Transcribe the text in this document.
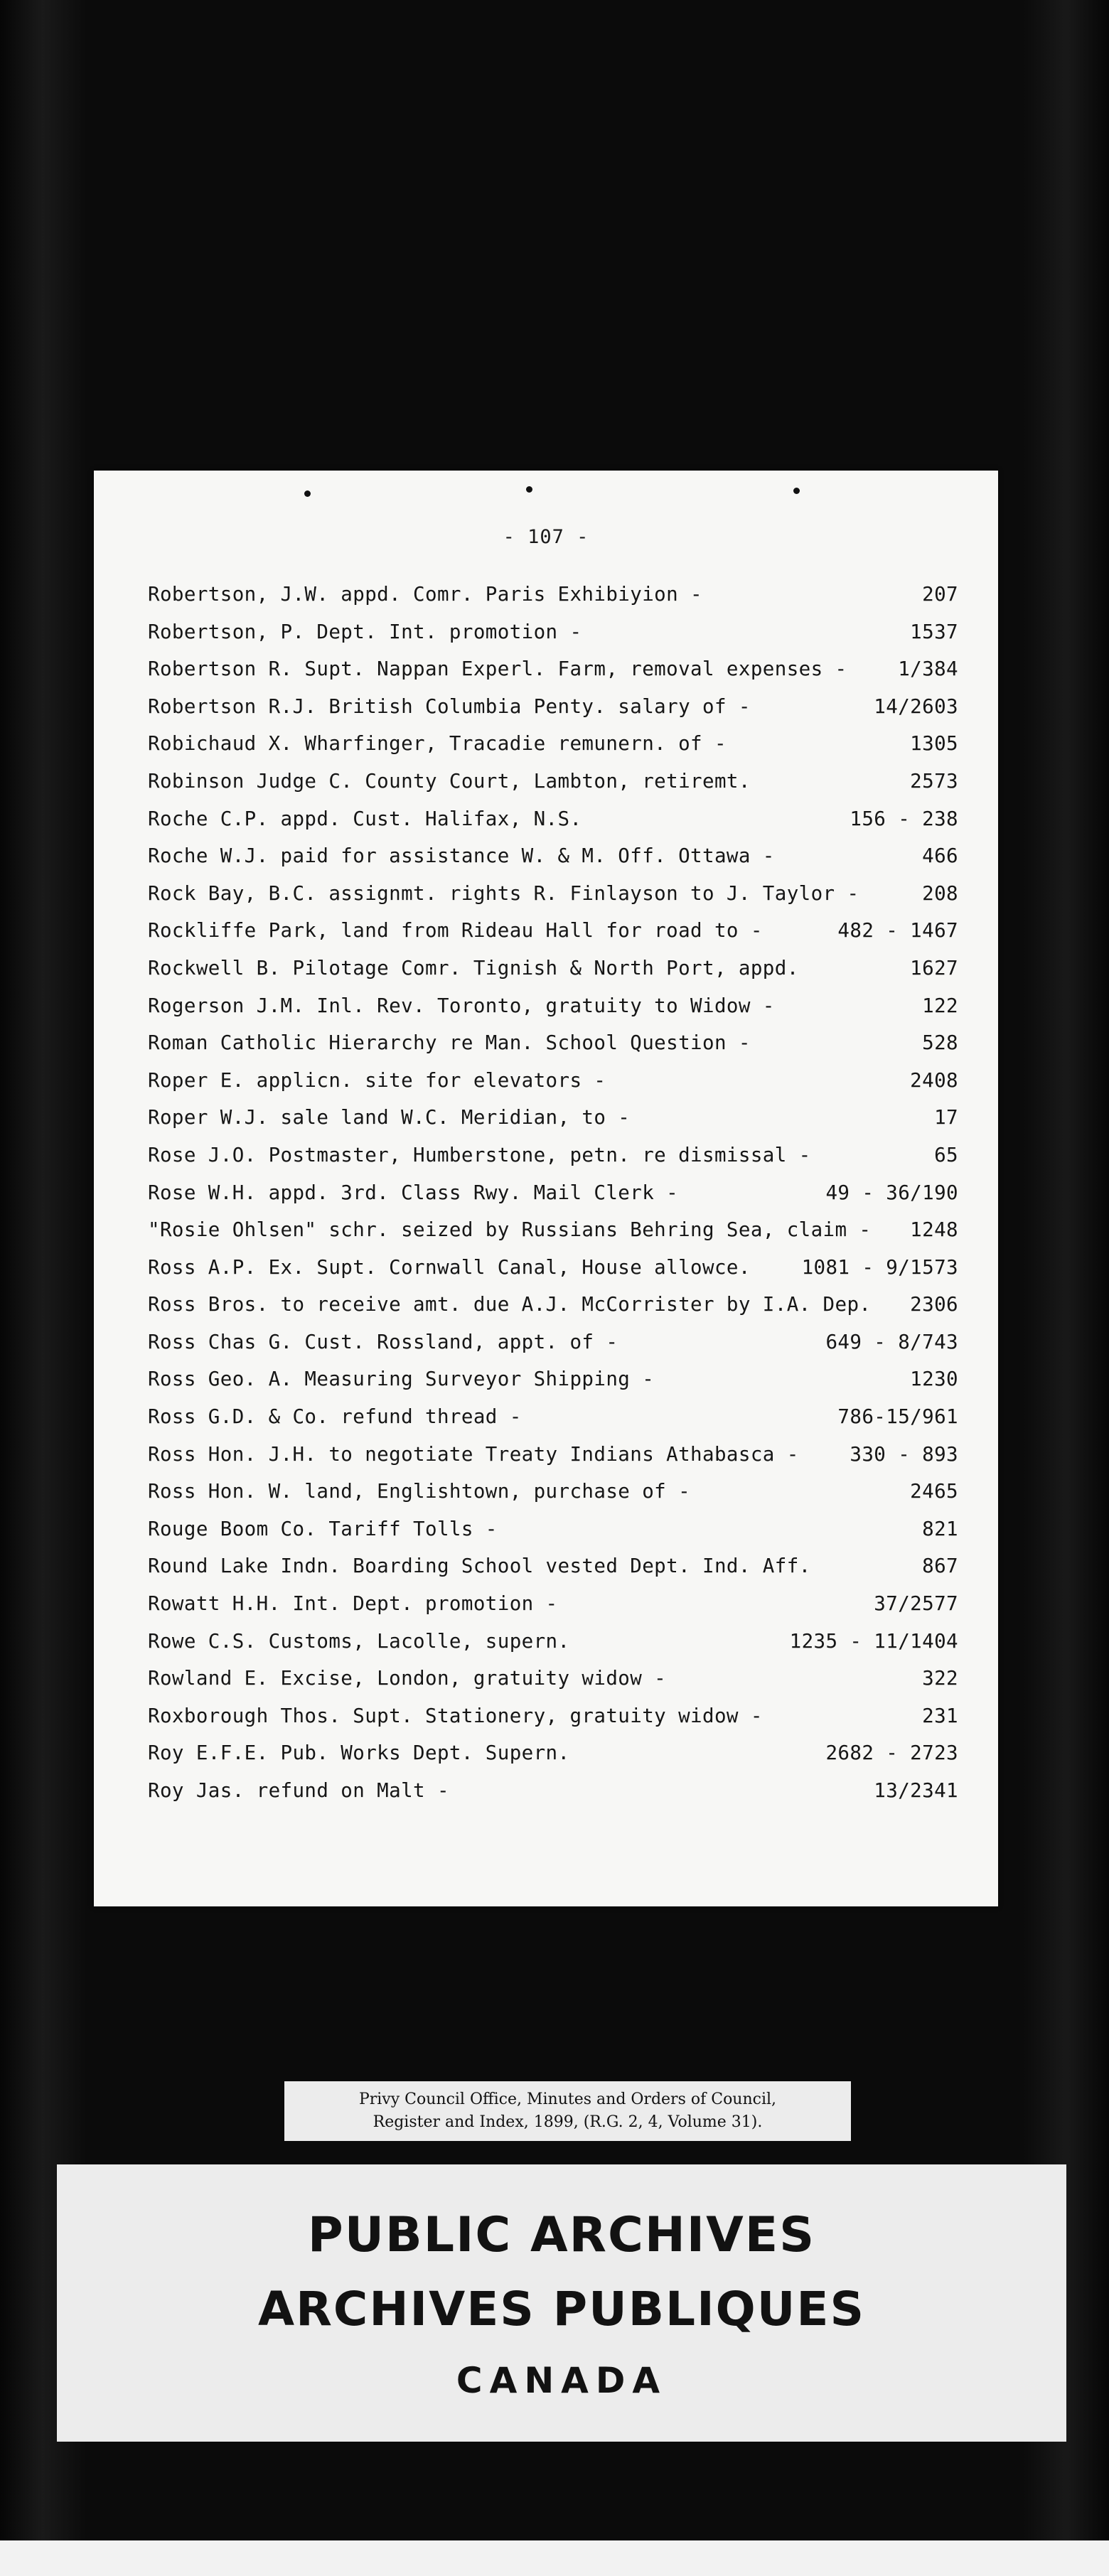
- 107 -
Robertson, J.W. appd. Comr. Paris Exhibiyion -	207
Robertson, P. Dept. Int. promotion -	1537
Robertson R. Supt. Nappan Experl. Farm, removal expenses -	1/384
Robertson R.J. British Columbia Penty. salary of -	14/2603
Robichaud X. Wharfinger, Tracadie remunern. of -	1305
Robinson Judge C. County Court, Lambton, retiremt.	2573
Roche C.P. appd. Cust. Halifax, N.S.	156 - 238
Roche W.J. paid for assistance W. & M. Off. Ottawa -	466
Rock Bay, B.C. assignmt. rights R. Finlayson to J. Taylor -	208
Rockliffe Park, land from Rideau Hall for road to -	482 - 1467
Rockwell B. Pilotage Comr. Tignish & North Port, appd.	1627
Rogerson J.M. Inl. Rev. Toronto, gratuity to Widow -	122
Roman Catholic Hierarchy re Man. School Question -	528
Roper E. applicn. site for elevators -	2408
Roper W.J. sale land W.C. Meridian, to -	17
Rose J.O. Postmaster, Humberstone, petn. re dismissal -	65
Rose W.H. appd. 3rd. Class Rwy. Mail Clerk -	49 - 36/190
"Rosie Ohlsen" schr. seized by Russians Behring Sea, claim - 1248
Ross A.P. Ex. Supt. Cornwall Canal, House allowce.	1081 - 9/1573
Ross Bros. to receive amt. due A.J. McCorrister by I.A. Dep. 2306
Ross Chas G. Cust. Rossland, appt. of -	649 - 8/743
Ross Geo. A. Measuring Surveyor Shipping -	1230
Ross G.D. & Co. refund thread -	786-15/961
Ross Hon. J.H. to negotiate Treaty Indians Athabasca -	330 - 893
Ross Hon. W. land, Englishtown, purchase of -	2465
Rouge Boom Co. Tariff Tolls -	821
Round Lake Indn. Boarding School vested Dept. Ind. Aff.	867
Rowatt H.H. Int. Dept. promotion -	37/2577
Rowe C.S. Customs, Lacolle, supern.	1235 - 11/1404
Rowland E. Excise, London, gratuity widow -	322
Roxborough Thos. Supt. Stationery, gratuity widow -	231
Roy E.F.E. Pub. Works Dept. Supern.	2682 - 2723
Roy Jas. refund on Malt -	13/2341
Privy Council Office, Minutes and Orders of Council,
Register and Index, 1899, (R.G. 2, 4, Volume 31).
PUBLIC ARCHIVES
ARCHIVES PUBLIQUES
CANADA
